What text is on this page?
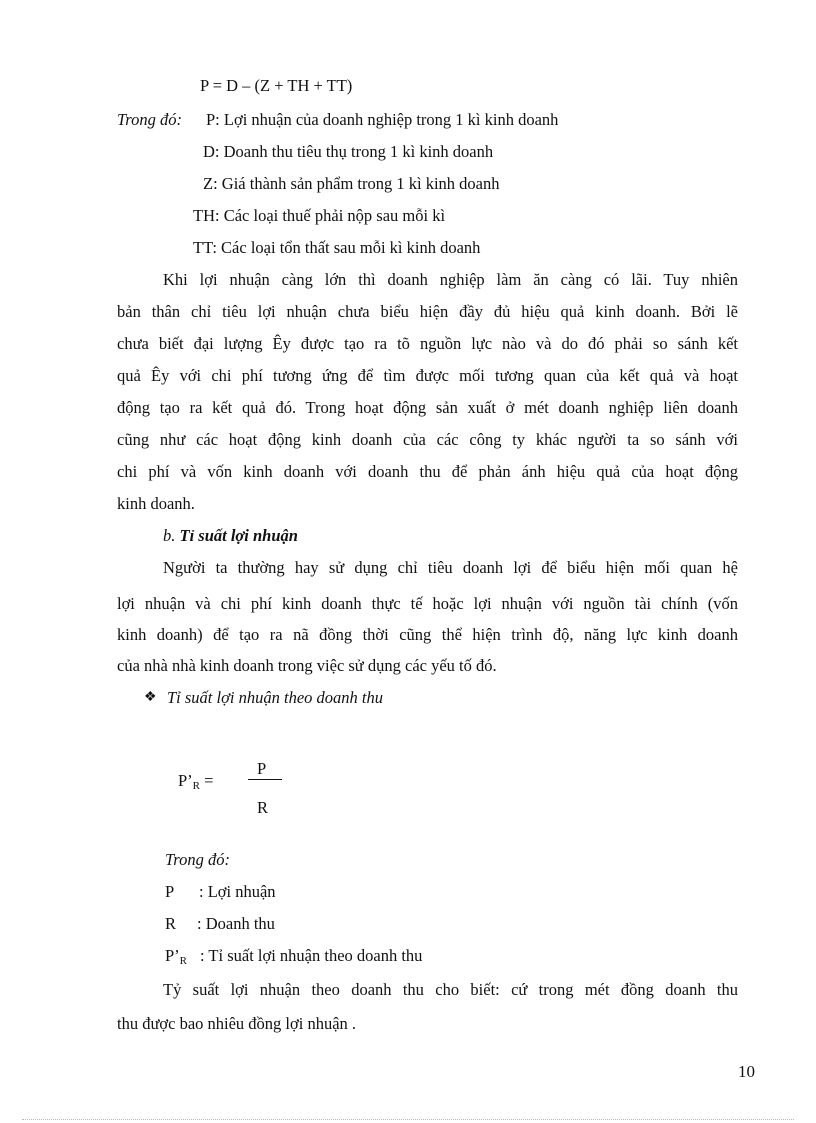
P = D – (Z + TH + TT)
Trong đó: P: Lợi nhuận của doanh nghiệp trong 1 kì kinh doanh
D: Doanh thu tiêu thụ trong 1 kì kinh doanh
Z: Giá thành sản phẩm trong 1 kì kinh doanh
TH: Các loại thuế phải nộp sau mỗi kì
TT: Các loại tổn thất sau mỗi kì kinh doanh
Khi lợi nhuận càng lớn thì doanh nghiệp làm ăn càng có lãi. Tuy nhiên
bản thân chỉ tiêu lợi nhuận chưa biểu hiện đầy đủ hiệu quả kinh doanh. Bởi lẽ
chưa biết đại lượng Êy được tạo ra tõ nguồn lực nào và do đó phải so sánh kết
quả Êy với chi phí tương ứng để tìm được mối tương quan của kết quả và hoạt
động tạo ra kết quả đó. Trong hoạt động sản xuất ở mét doanh nghiệp liên doanh
cũng như các hoạt động kinh doanh của các công ty khác người ta so sánh với
chi phí và vốn kinh doanh với doanh thu để phản ánh hiệu quả của hoạt động
kinh doanh.
b. Tỉ suất lợi nhuận
Người ta thường hay sử dụng chỉ tiêu doanh lợi để biểu hiện mối quan hệ
lợi nhuận và chi phí kinh doanh thực tế hoặc lợi nhuận với nguồn tài chính (vốn
kinh doanh) để tạo ra nã đồng thời cũng thể hiện trình độ, năng lực kinh doanh
của nhà nhà kinh doanh trong việc sử dụng các yếu tố đó.
❖ Tỉ suất lợi nhuận theo doanh thu
$P’_R$ =
P
R
Trong đó:
P : Lợi nhuận
R : Doanh thu
$P’_R$ : Tỉ suất lợi nhuận theo doanh thu
Tỷ suất lợi nhuận theo doanh thu cho biết: cứ trong mét đồng doanh thu
thu được bao nhiêu đồng lợi nhuận .
10
